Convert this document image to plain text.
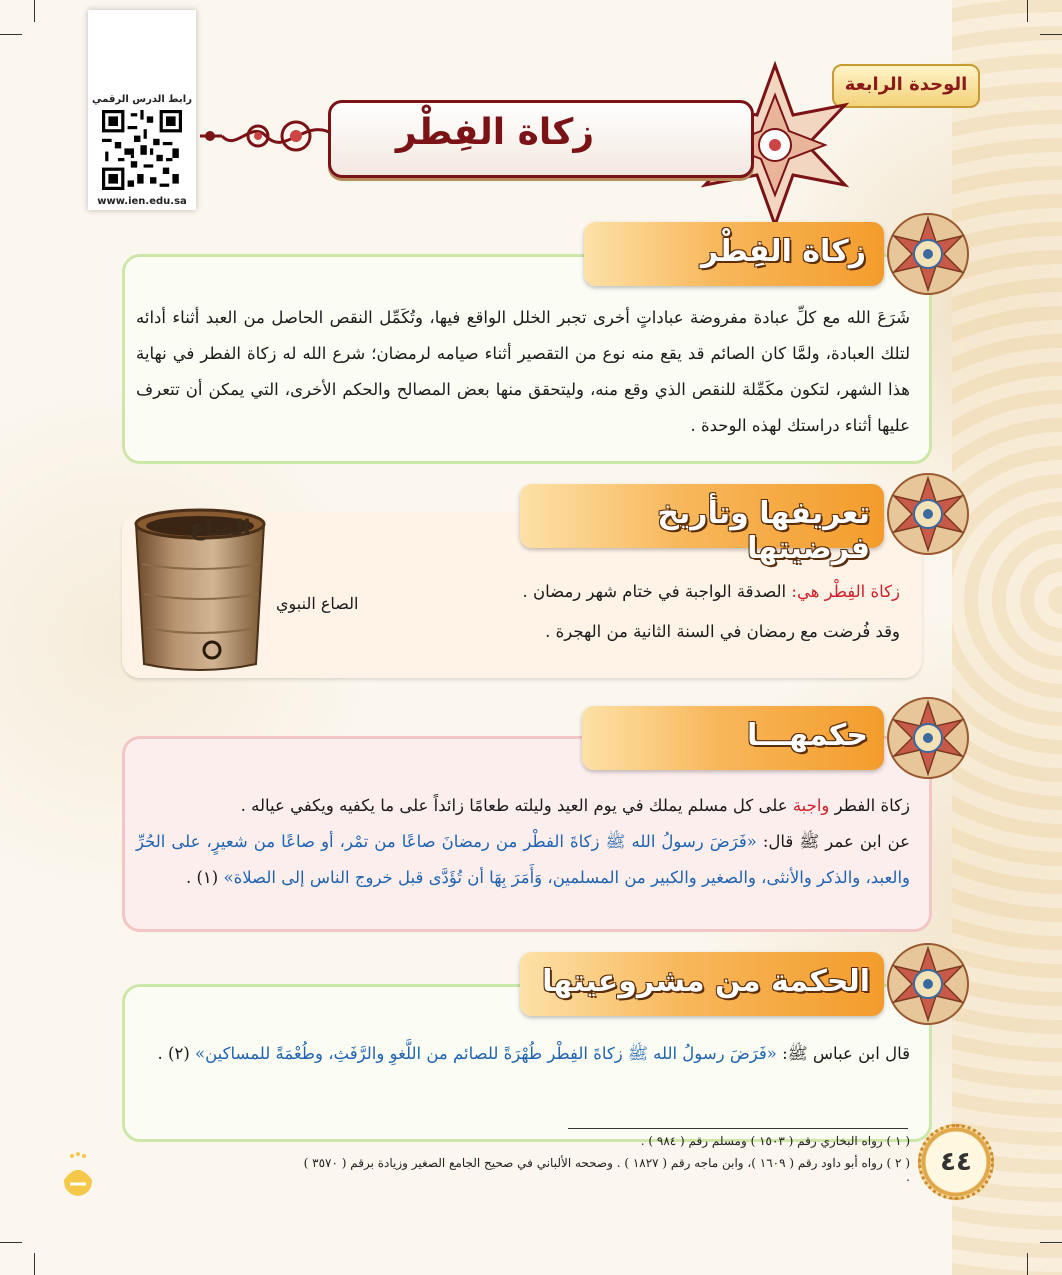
رابط الدرس الرقمي
www.ien.edu.sa
الوحدة الرابعة
زكاة الفِطْر
زكاة الفِطْر
شَرَعَ الله مع كلِّ عبادة مفروضة عباداتٍ أخرى تجبر الخلل الواقع فيها، وتُكَمِّل النقص الحاصل من العبد أثناء أدائه لتلك العبادة، ولمَّا كان الصائم قد يقع منه نوع من التقصير أثناء صيامه لرمضان؛ شرع الله له زكاة الفطر في نهاية هذا الشهر، لتكون مكَمِّلة للنقص الذي وقع منه، وليتحقق منها بعض المصالح والحكم الأخرى، التي يمكن أن تتعرف عليها أثناء دراستك لهذه الوحدة .
تعريفها وتأريخ فرضيتها
الصاع
الصاع النبوي
زكاة الفِطْر هي: الصدقة الواجبة في ختام شهر رمضان .
وقد فُرضت مع رمضان في السنة الثانية من الهجرة .
حكمهـــا
زكاة الفطر واجبة على كل مسلم يملك في يوم العيد وليلته طعامًا زائداً على ما يكفيه ويكفي عياله .
عن ابن عمر ﷺ قال: «فَرَضَ رسولُ الله ﷺ زكاةَ الفطْر من رمضانَ صاعًا من تمْر، أو صاعًا من شعيرٍ، على الحُرِّ والعبد، والذكر والأنثى، والصغير والكبير من المسلمين، وَأَمَرَ بِهَا أن تُؤَدَّى قبل خروج الناس إلى الصلاة» (١) .
الحكمة من مشروعيتها
قال ابن عباس ﷺ: «فَرَضَ رسولُ الله ﷺ زكاةَ الفِطْر طُهْرَةً للصائم من اللَّغوِ والرَّفَثِ، وطُعْمَةً للمساكين» (٢) .
( ١ ) رواه البخاري رقم ( ١٥٠٣ ) ومسلم رقم ( ٩٨٤ ) .
( ٢ ) رواه أبو داود رقم ( ١٦٠٩ )، وابن ماجه رقم ( ١٨٢٧ ) . وصححه الألباني في صحيح الجامع الصغير وزيادة برقم ( ٣٥٧٠ ) .	٤٤
